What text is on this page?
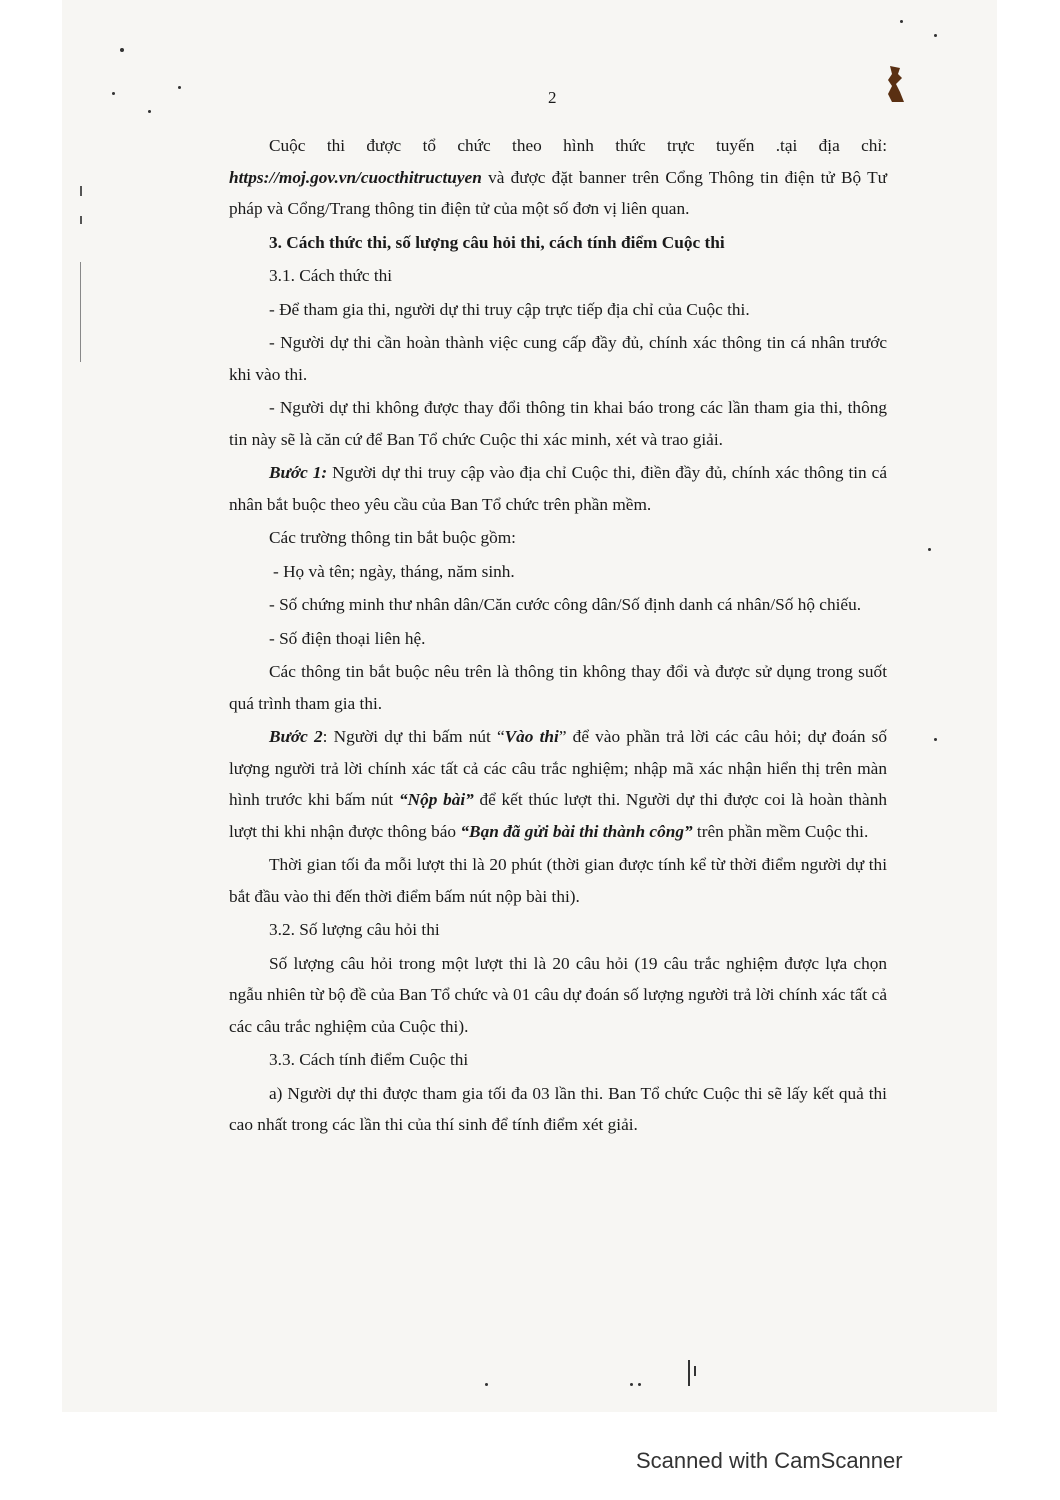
2

Cuộc thi được tổ chức theo hình thức trực tuyến .tại địa chỉ: https://moj.gov.vn/cuocthitructuyen và được đặt banner trên Cổng Thông tin điện tử Bộ Tư pháp và Cổng/Trang thông tin điện tử của một số đơn vị liên quan.

3. Cách thức thi, số lượng câu hỏi thi, cách tính điểm Cuộc thi

3.1. Cách thức thi

- Để tham gia thi, người dự thi truy cập trực tiếp địa chỉ của Cuộc thi.

- Người dự thi cần hoàn thành việc cung cấp đầy đủ, chính xác thông tin cá nhân trước khi vào thi.

- Người dự thi không được thay đổi thông tin khai báo trong các lần tham gia thi, thông tin này sẽ là căn cứ để Ban Tổ chức Cuộc thi xác minh, xét và trao giải.

Bước 1: Người dự thi truy cập vào địa chỉ Cuộc thi, điền đầy đủ, chính xác thông tin cá nhân bắt buộc theo yêu cầu của Ban Tổ chức trên phần mềm.

Các trường thông tin bắt buộc gồm:

- Họ và tên; ngày, tháng, năm sinh.

- Số chứng minh thư nhân dân/Căn cước công dân/Số định danh cá nhân/Số hộ chiếu.

- Số điện thoại liên hệ.

Các thông tin bắt buộc nêu trên là thông tin không thay đổi và được sử dụng trong suốt quá trình tham gia thi.

Bước 2: Người dự thi bấm nút “Vào thi” để vào phần trả lời các câu hỏi; dự đoán số lượng người trả lời chính xác tất cả các câu trắc nghiệm; nhập mã xác nhận hiển thị trên màn hình trước khi bấm nút “Nộp bài” để kết thúc lượt thi. Người dự thi được coi là hoàn thành lượt thi khi nhận được thông báo “Bạn đã gửi bài thi thành công” trên phần mềm Cuộc thi.

Thời gian tối đa mỗi lượt thi là 20 phút (thời gian được tính kể từ thời điểm người dự thi bắt đầu vào thi đến thời điểm bấm nút nộp bài thi).

3.2. Số lượng câu hỏi thi

Số lượng câu hỏi trong một lượt thi là 20 câu hỏi (19 câu trắc nghiệm được lựa chọn ngẫu nhiên từ bộ đề của Ban Tổ chức và 01 câu dự đoán số lượng người trả lời chính xác tất cả các câu trắc nghiệm của Cuộc thi).

3.3. Cách tính điểm Cuộc thi

a) Người dự thi được tham gia tối đa 03 lần thi. Ban Tổ chức Cuộc thi sẽ lấy kết quả thi cao nhất trong các lần thi của thí sinh để tính điểm xét giải.

Scanned with CamScanner
